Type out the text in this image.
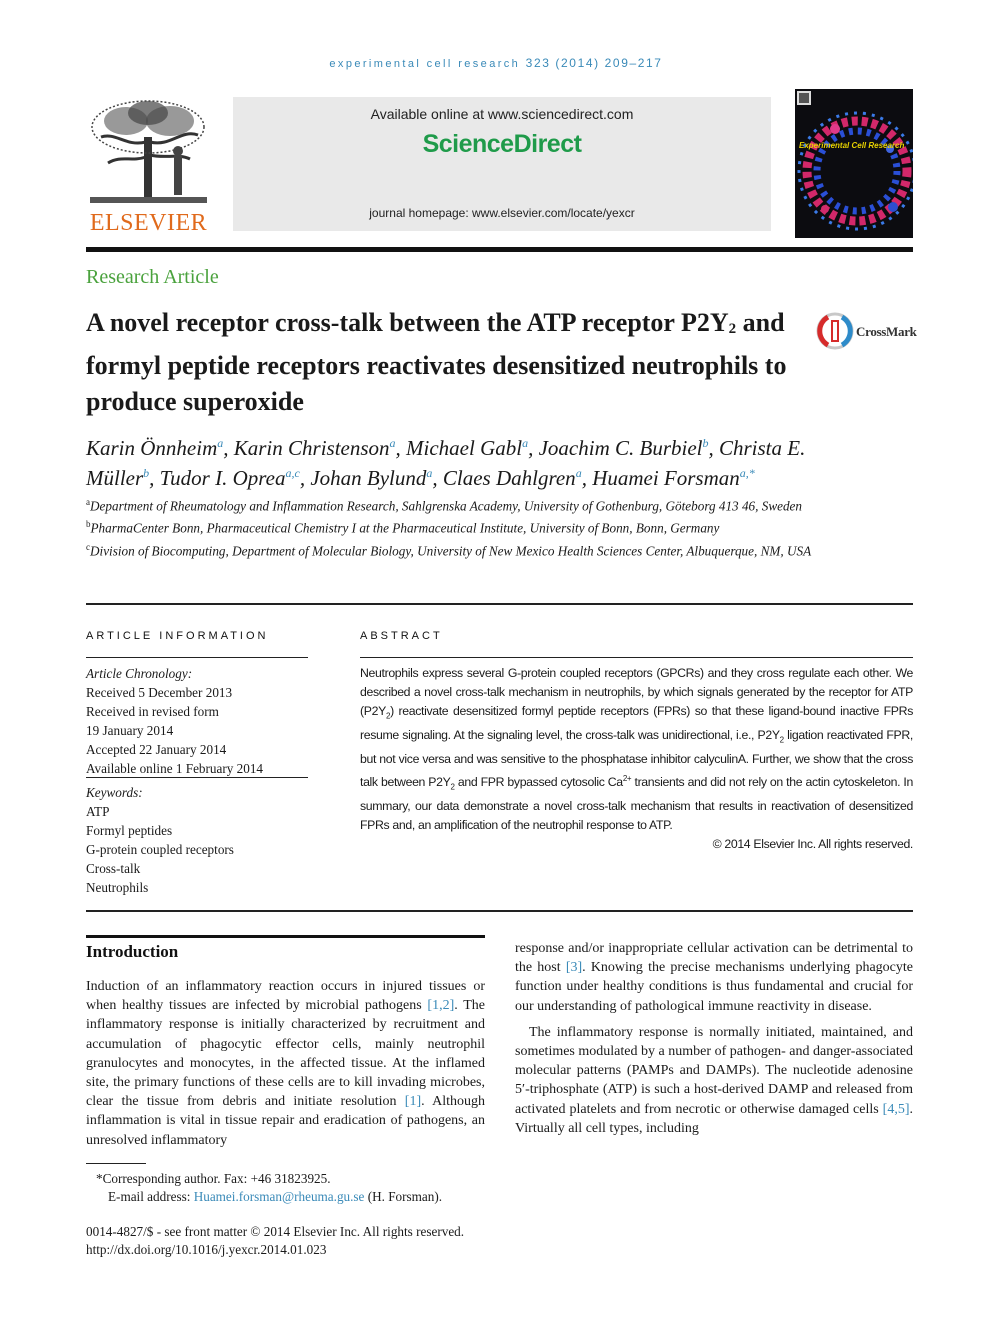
experimental cell research 323 (2014) 209–217
ELSEVIER
Available online at www.sciencedirect.com
ScienceDirect
journal homepage: www.elsevier.com/locate/yexcr
Experimental Cell Research
Research Article
A novel receptor cross-talk between the ATP receptor $P2Y_2$ and formyl peptide receptors reactivates desensitized neutrophils to produce superoxide
CrossMark
Karin Önnheim$^a$, Karin Christenson$^a$, Michael Gabl$^a$, Joachim C. Burbiel$^b$, Christa E. Müller$^b$, Tudor I. Oprea$^{a,c}$, Johan Bylund$^a$, Claes Dahlgren$^a$, Huamei Forsman$^{a,*}$
$^a$Department of Rheumatology and Inflammation Research, Sahlgrenska Academy, University of Gothenburg, Göteborg 413 46, Sweden
$^b$PharmaCenter Bonn, Pharmaceutical Chemistry I at the Pharmaceutical Institute, University of Bonn, Bonn, Germany
$^c$Division of Biocomputing, Department of Molecular Biology, University of New Mexico Health Sciences Center, Albuquerque, NM, USA
ARTICLE INFORMATION
Article Chronology:
Received 5 December 2013
Received in revised form
19 January 2014
Accepted 22 January 2014
Available online 1 February 2014
Keywords:
ATP
Formyl peptides
G-protein coupled receptors
Cross-talk
Neutrophils
ABSTRACT
Neutrophils express several G-protein coupled receptors (GPCRs) and they cross regulate each other. We described a novel cross-talk mechanism in neutrophils, by which signals generated by the receptor for ATP $(P2Y_2)$ reactivate desensitized formyl peptide receptors (FPRs) so that these ligand-bound inactive FPRs resume signaling. At the signaling level, the cross-talk was unidirectional, i.e., $P2Y_2$ ligation reactivated FPR, but not vice versa and was sensitive to the phosphatase inhibitor calyculinA. Further, we show that the cross talk between $P2Y_2$ and FPR bypassed cytosolic $Ca^{2+}$ transients and did not rely on the actin cytoskeleton. In summary, our data demonstrate a novel cross-talk mechanism that results in reactivation of desensitized FPRs and, an amplification of the neutrophil response to ATP.
© 2014 Elsevier Inc. All rights reserved.
Introduction

Induction of an inflammatory reaction occurs in injured tissues or when healthy tissues are infected by microbial pathogens [1,2]. The inflammatory response is initially characterized by recruitment and accumulation of phagocytic effector cells, mainly neutrophil granulocytes and monocytes, in the affected tissue. At the inflamed site, the primary functions of these cells are to kill invading microbes, clear the tissue from debris and initiate resolution [1]. Although inflammation is vital in tissue repair and eradication of pathogens, an unresolved inflammatory

response and/or inappropriate cellular activation can be detrimental to the host [3]. Knowing the precise mechanisms underlying phagocyte function under healthy conditions is thus fundamental and crucial for our understanding of pathological immune reactivity in disease.

The inflammatory response is normally initiated, maintained, and sometimes modulated by a number of pathogen- and danger-associated molecular patterns (PAMPs and DAMPs). The nucleotide adenosine 5′-triphosphate (ATP) is such a host-derived DAMP and released from activated platelets and from necrotic or otherwise damaged cells [4,5]. Virtually all cell types, including

*Corresponding author. Fax: +46 31823925.
E-mail address: Huamei.forsman@rheuma.gu.se (H. Forsman).
0014-4827/$ - see front matter © 2014 Elsevier Inc. All rights reserved.
http://dx.doi.org/10.1016/j.yexcr.2014.01.023
